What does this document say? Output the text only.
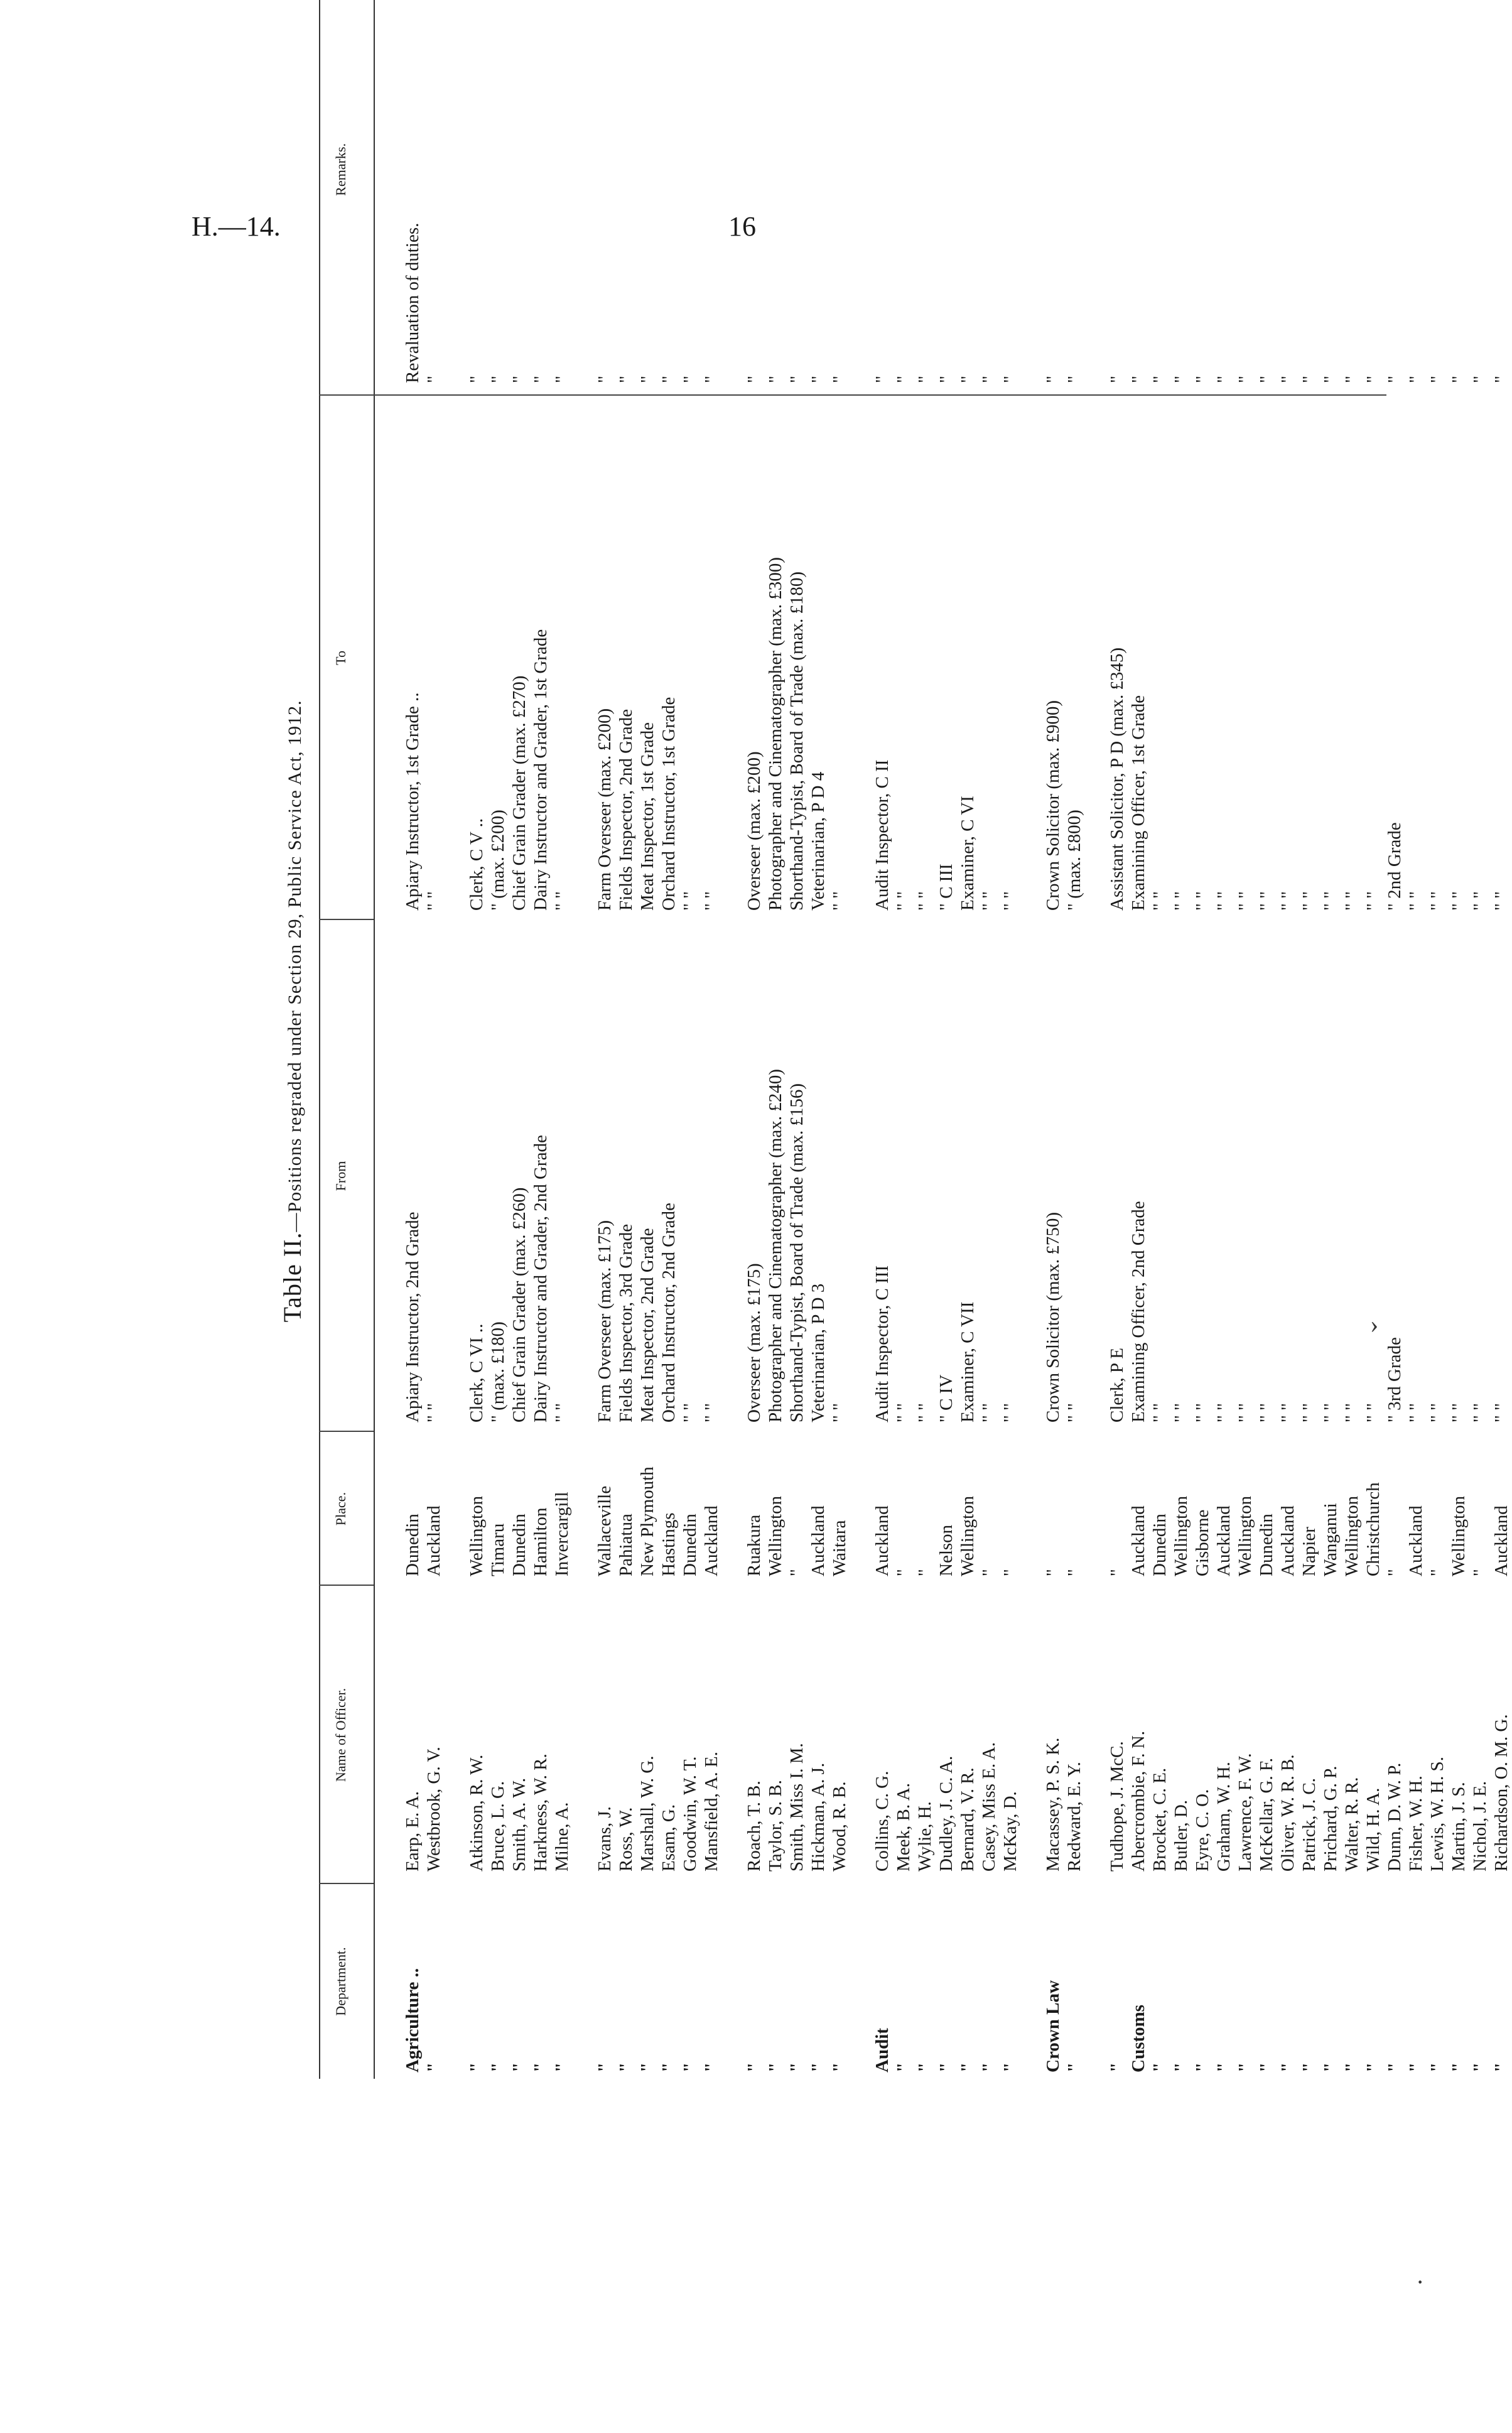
H.—14.	16
Table II.—Positions regraded under Section 29, Public Service Act, 1912.
Department.
Name of Officer.
Place.
From
To
Remarks.
Agriculture ..
Earp, E. A.
Dunedin
Apiary Instructor, 2nd Grade
Apiary Instructor, 1st Grade ..
Revaluation of duties.
"
Westbrook, G. V.
Auckland
" "
" "
"
"
Atkinson, R. W.
Wellington
Clerk, C VI ..
Clerk, C V ..
"
"
Bruce, L. G.
Timaru
" (max. £180)
" (max. £200)
"
"
Smith, A. W.
Dunedin
Chief Grain Grader (max. £260)
Chief Grain Grader (max. £270)
"
"
Harkness, W. R.
Hamilton
Dairy Instructor and Grader, 2nd Grade
Dairy Instructor and Grader, 1st Grade
"
"
Milne, A.
Invercargill
" "
" "
"
"
Evans, J.
Wallaceville
Farm Overseer (max. £175)
Farm Overseer (max. £200)
"
"
Ross, W.
Pahiatua
Fields Inspector, 3rd Grade
Fields Inspector, 2nd Grade
"
"
Marshall, W. G.
New Plymouth
Meat Inspector, 2nd Grade
Meat Inspector, 1st Grade
"
"
Esam, G.
Hastings
Orchard Instructor, 2nd Grade
Orchard Instructor, 1st Grade
"
"
Goodwin, W. T.
Dunedin
" "
" "
"
"
Mansfield, A. E.
Auckland
" "
" "
"
"
Roach, T. B.
Ruakura
Overseer (max. £175)
Overseer (max. £200)
"
"
Taylor, S. B.
Wellington
Photographer and Cinematographer (max. £240)
Photographer and Cinematographer (max. £300)
"
"
Smith, Miss I. M.
"
Shorthand-Typist, Board of Trade (max. £156)
Shorthand-Typist, Board of Trade (max. £180)
"
"
Hickman, A. J.
Auckland
Veterinarian, P D 3
Veterinarian, P D 4
"
"
Wood, R. B.
Waitara
" "
" "
"
Audit
Collins, C. G.
Auckland
Audit Inspector, C III
Audit Inspector, C II
"
"
Meek, B. A.
"
" "
" "
"
"
Wylie, H.
"
" "
" "
"
"
Dudley, J. C. A.
Nelson
" C IV
" C III
"
"
Bernard, V. R.
Wellington
Examiner, C VII
Examiner, C VI
"
"
Casey, Miss E. A.
"
" "
" "
"
"
McKay, D.
"
" "
" "
"
Crown Law
Macassey, P. S. K.
"
Crown Solicitor (max. £750)
Crown Solicitor (max. £900)
"
"
Redward, E. Y.
"
" "
" (max. £800)
"
"
Tudhope, J. McC.
"
Clerk, P E
Assistant Solicitor, P D (max. £345)
"
Customs
Abercrombie, F. N.
Auckland
Examining Officer, 2nd Grade
Examining Officer, 1st Grade
"
"
Brocket, C. E.
Dunedin
" "
" "
"
"
Butler, D.
Wellington
" "
" "
"
"
Eyre, C. O.
Gisborne
" "
" "
"
"
Graham, W. H.
Auckland
" "
" "
"
"
Lawrence, F. W.
Wellington
" "
" "
"
"
McKellar, G. F.
Dunedin
" "
" "
"
"
Oliver, W. R. B.
Auckland
" "
" "
"
"
Patrick, J. C.
Napier
" "
" "
"
"
Prichard, G. P.
Wanganui
" "
" "
"
"
Walter, R. R.
Wellington
" "
" "
"
"
Wild, H. A.
Christchurch
" "
" "
"
"
Dunn, D. W. P.
"
" 3rd Grade
" 2nd Grade
"
"
Fisher, W. H.
Auckland
" "
" "
"
"
Lewis, W. H. S.
"
" "
" "
"
"
Martin, J. S.
Wellington
" "
" "
"
"
Nichol, J. E.
"
" "
" "
"
"
Richardson, O. M. G.
Auckland
" "
" "
"
›
·
